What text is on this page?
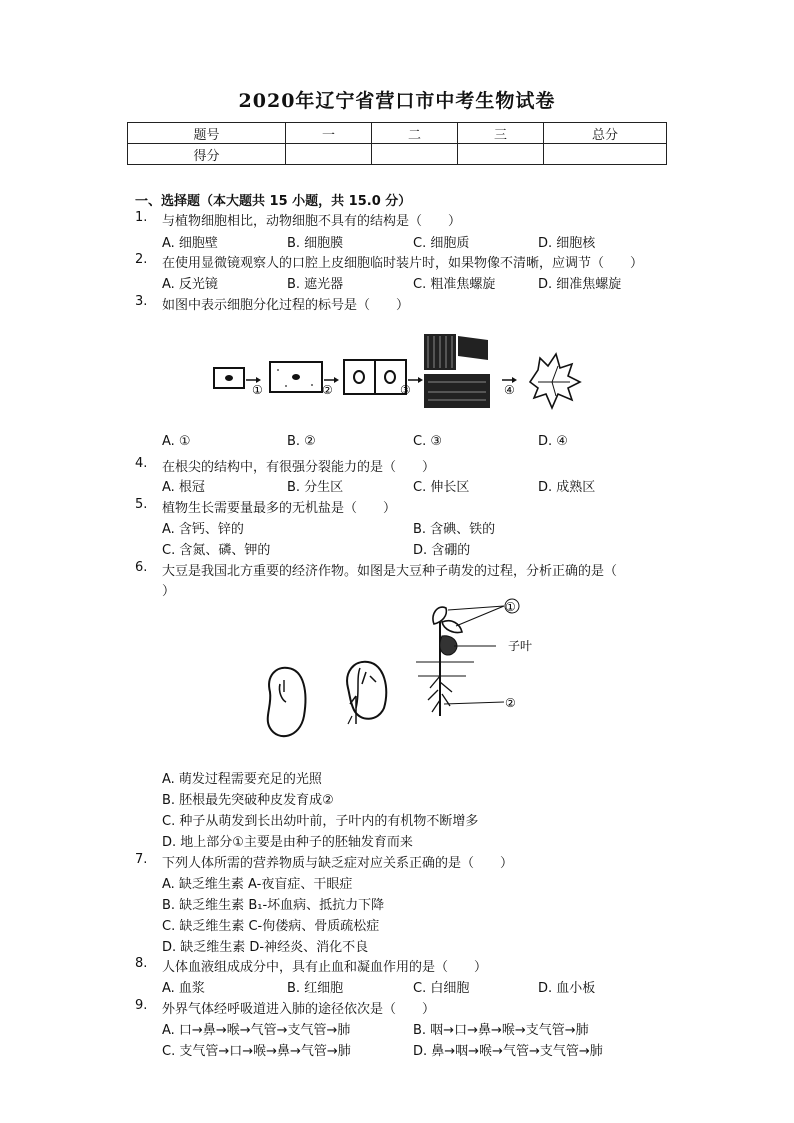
2020年辽宁省营口市中考生物试卷
题号	一	二	三	总分
得分				
一、选择题（本大题共 15 小题，共 15.0 分）
1. 与植物细胞相比，动物细胞不具有的结构是（　　）
A. 细胞壁	B. 细胞膜	C. 细胞质	D. 细胞核
2. 在使用显微镜观察人的口腔上皮细胞临时装片时，如果物像不清晰，应调节（　　）
A. 反光镜	B. 遮光器	C. 粗准焦螺旋	D. 细准焦螺旋
3. 如图中表示细胞分化过程的标号是（　　）
①	②	③	④
A. ①	B. ②	C. ③	D. ④
4. 在根尖的结构中，有很强分裂能力的是（　　）
A. 根冠	B. 分生区	C. 伸长区	D. 成熟区
5. 植物生长需要量最多的无机盐是（　　）
A. 含钙、锌的	B. 含碘、铁的
C. 含氮、磷、钾的	D. 含硼的
6. 大豆是我国北方重要的经济作物。如图是大豆种子萌发的过程，分析正确的是（
）
①
子叶
②
A. 萌发过程需要充足的光照
B. 胚根最先突破种皮发育成②
C. 种子从萌发到长出幼叶前，子叶内的有机物不断增多
D. 地上部分①主要是由种子的胚轴发育而来
7. 下列人体所需的营养物质与缺乏症对应关系正确的是（　　）
A. 缺乏维生素 A-夜盲症、干眼症
B. 缺乏维生素 B₁-坏血病、抵抗力下降
C. 缺乏维生素 C-佝偻病、骨质疏松症
D. 缺乏维生素 D-神经炎、消化不良
8. 人体血液组成成分中，具有止血和凝血作用的是（　　）
A. 血浆	B. 红细胞	C. 白细胞	D. 血小板
9. 外界气体经呼吸道进入肺的途径依次是（　　）
A. 口→鼻→喉→气管→支气管→肺	B. 咽→口→鼻→喉→支气管→肺
C. 支气管→口→喉→鼻→气管→肺	D. 鼻→咽→喉→气管→支气管→肺
